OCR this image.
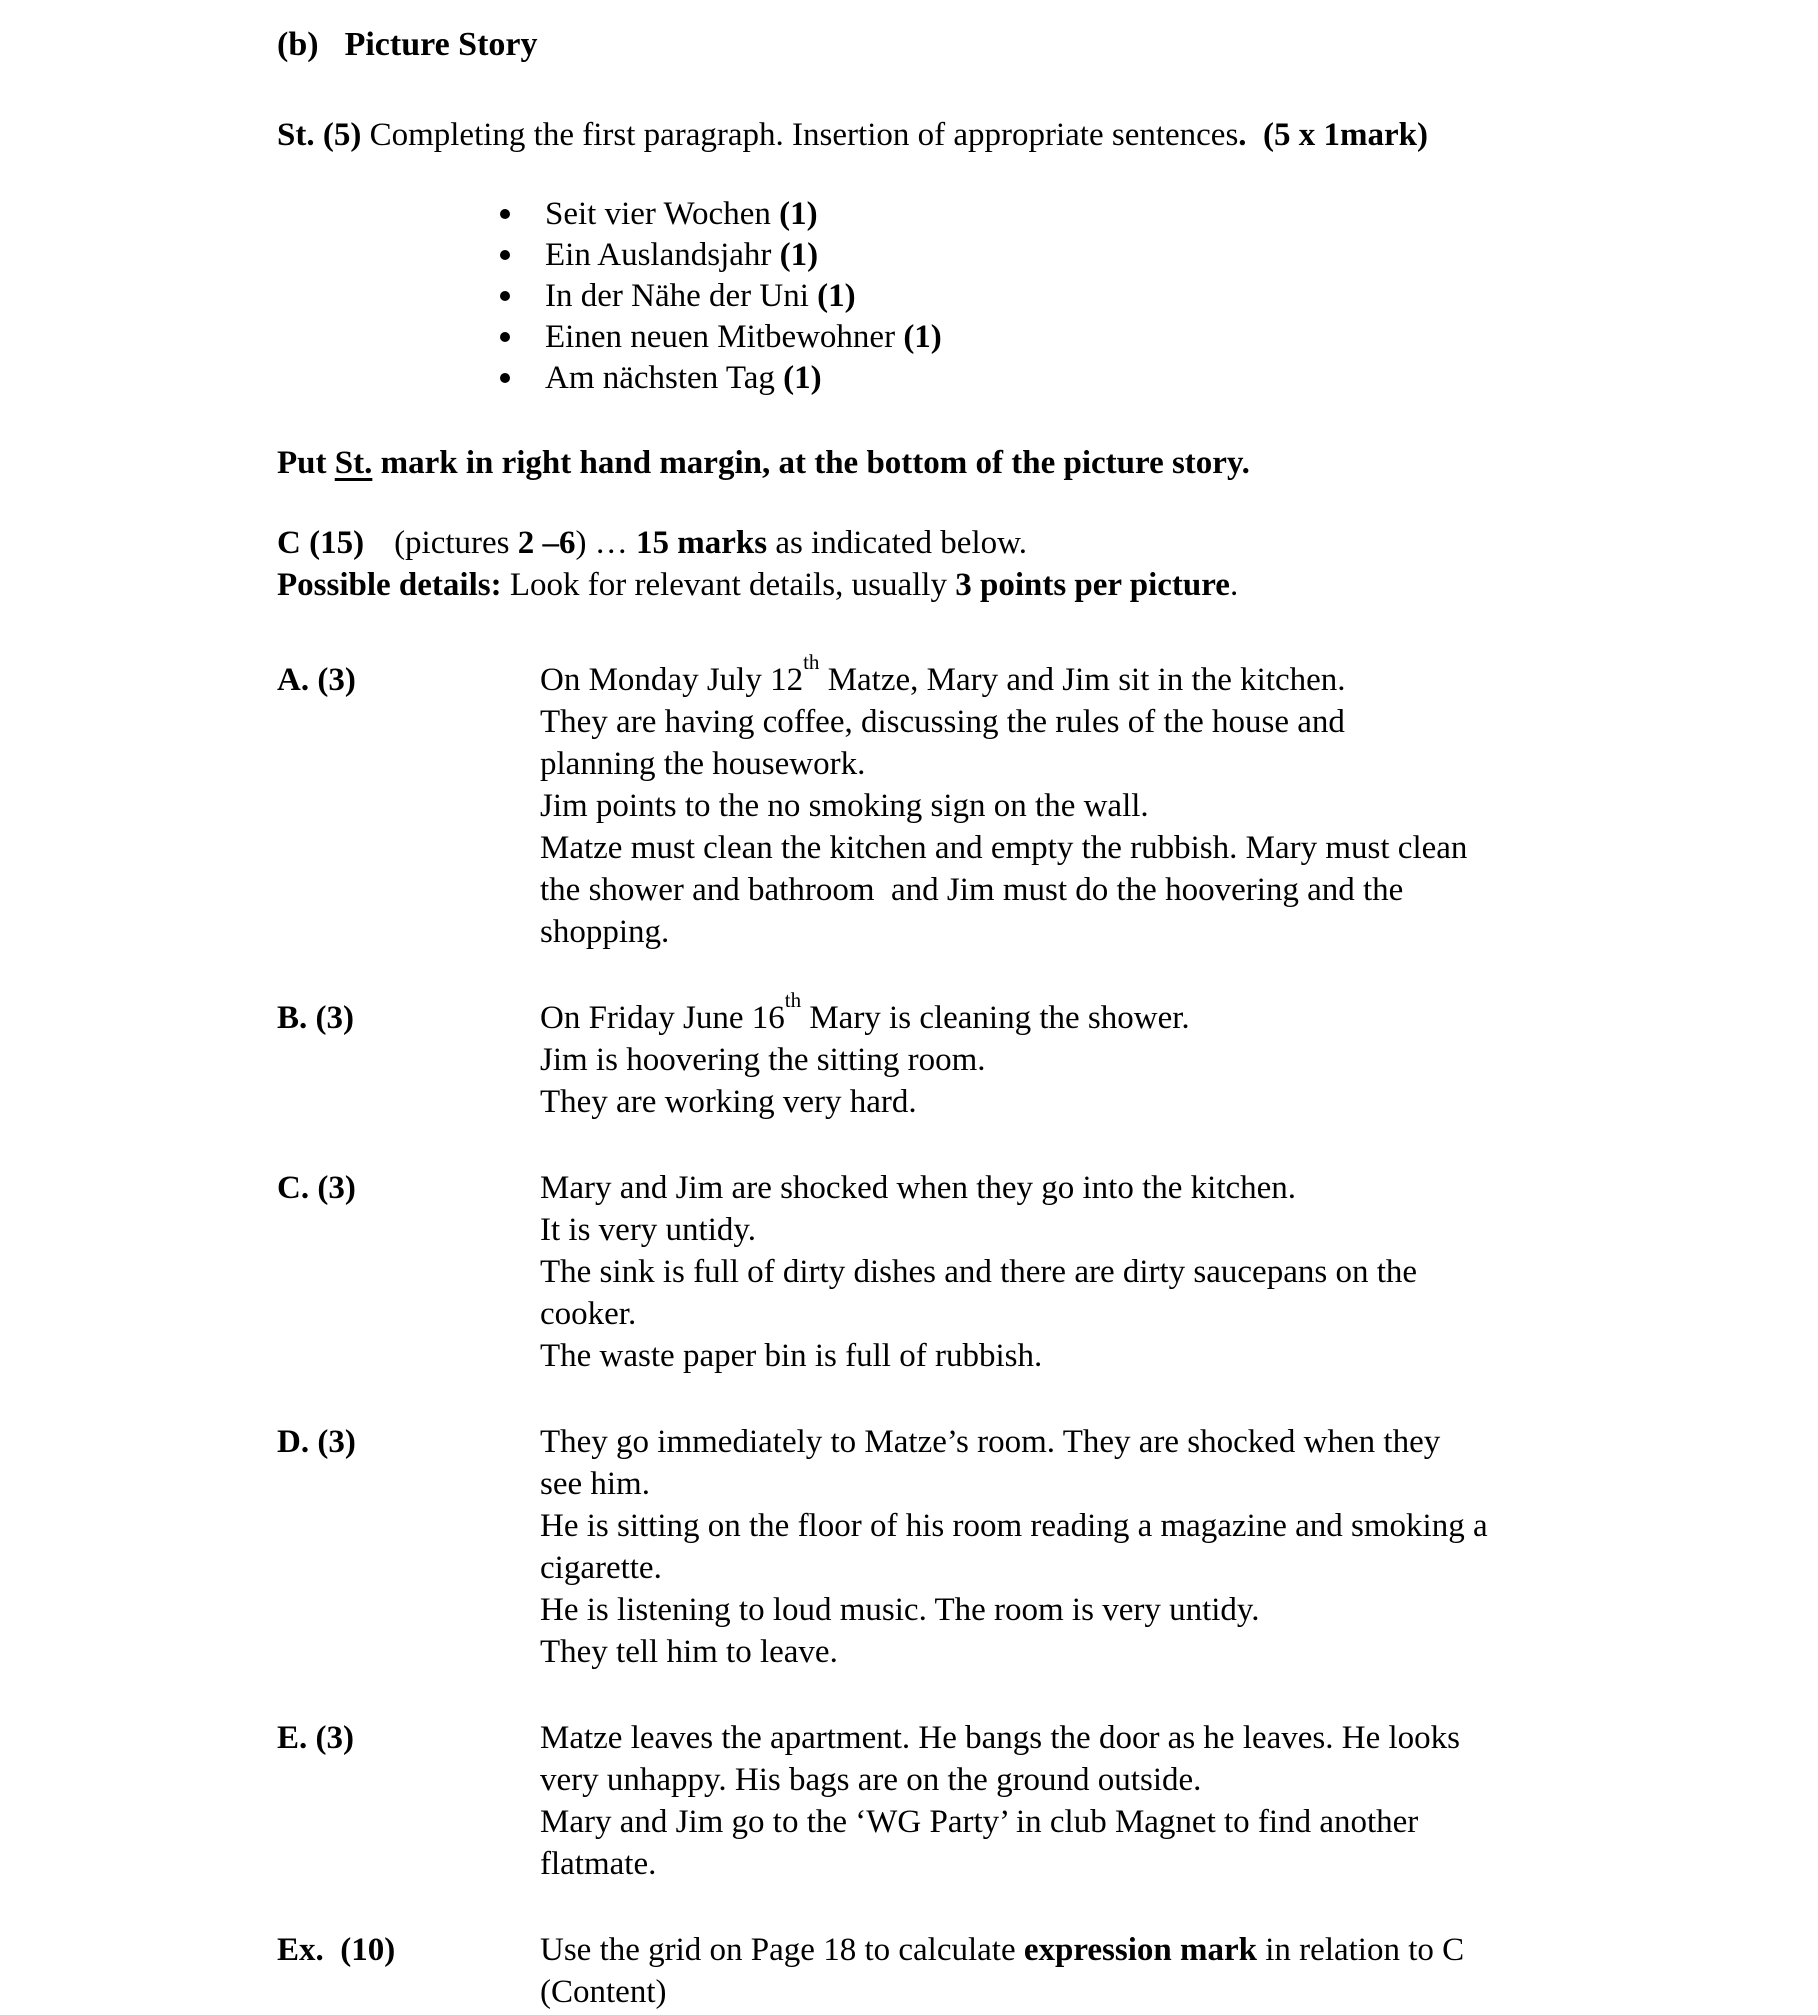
(b) Picture Story
St. (5) Completing the first paragraph. Insertion of appropriate sentences.  (5 x 1mark)
Seit vier Wochen (1)
Ein Auslandsjahr (1)
In der Nähe der Uni (1)
Einen neuen Mitbewohner (1)
Am nächsten Tag (1)
Put St. mark in right hand margin, at the bottom of the picture story.
C (15) (pictures 2 –6) … 15 marks as indicated below.
Possible details: Look for relevant details, usually 3 points per picture.
A. (3)	On Monday July 12th Matze, Mary and Jim sit in the kitchen.
They are having coffee, discussing the rules of the house and
planning the housework.
Jim points to the no smoking sign on the wall.
Matze must clean the kitchen and empty the rubbish. Mary must clean
the shower and bathroom  and Jim must do the hoovering and the
shopping.
B. (3)	On Friday June 16th Mary is cleaning the shower.
Jim is hoovering the sitting room.
They are working very hard.
C. (3)	Mary and Jim are shocked when they go into the kitchen.
It is very untidy.
The sink is full of dirty dishes and there are dirty saucepans on the
cooker.
The waste paper bin is full of rubbish.
D. (3)	They go immediately to Matze’s room. They are shocked when they
see him.
He is sitting on the floor of his room reading a magazine and smoking a
cigarette.
He is listening to loud music. The room is very untidy.
They tell him to leave.
E. (3)	Matze leaves the apartment. He bangs the door as he leaves. He looks
very unhappy. His bags are on the ground outside.
Mary and Jim go to the ‘WG Party’ in club Magnet to find another
flatmate.
Ex.  (10)	Use the grid on Page 18 to calculate expression mark in relation to C
(Content)
